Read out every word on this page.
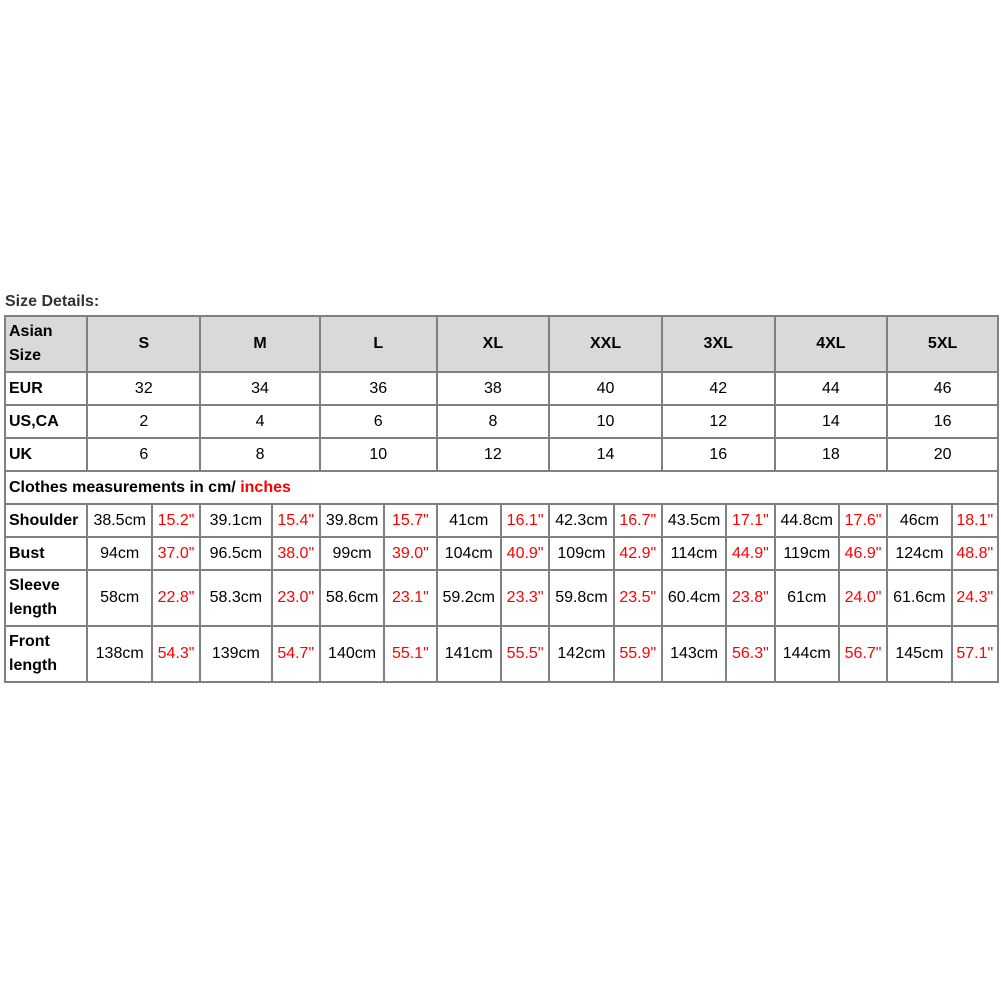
Size Details:
Asian Size	S		M		L		XL		XXL		3XL		4XL		5XL	
EUR	32		34		36		38		40		42		44		46	
US,CA	2		4		6		8		10		12		14		16	
UK	6		8		10		12		14		16		18		20	
Clothes measurements in cm/ inches																
Shoulder	38.5cm	15.2"	39.1cm	15.4"	39.8cm	15.7"	41cm	16.1"	42.3cm	16.7"	43.5cm	17.1"	44.8cm	17.6"	46cm	18.1"
Bust	94cm	37.0"	96.5cm	38.0"	99cm	39.0"	104cm	40.9"	109cm	42.9"	114cm	44.9"	119cm	46.9"	124cm	48.8"
Sleeve length	58cm	22.8"	58.3cm	23.0"	58.6cm	23.1"	59.2cm	23.3"	59.8cm	23.5"	60.4cm	23.8"	61cm	24.0"	61.6cm	24.3"
Front length	138cm	54.3"	139cm	54.7"	140cm	55.1"	141cm	55.5"	142cm	55.9"	143cm	56.3"	144cm	56.7"	145cm	57.1"
